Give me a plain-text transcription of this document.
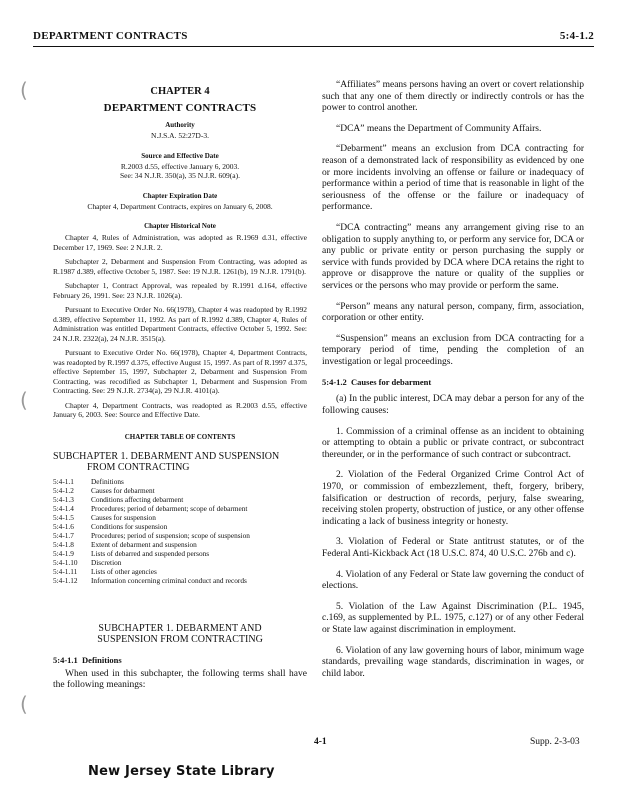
DEPARTMENT CONTRACTS	5:4-1.2
(
(
(
CHAPTER 4
DEPARTMENT CONTRACTS
Authority
N.J.S.A. 52:27D-3.
Source and Effective Date
R.2003 d.55, effective January 6, 2003.
See: 34 N.J.R. 350(a), 35 N.J.R. 609(a).
Chapter Expiration Date
Chapter 4, Department Contracts, expires on January 6, 2008.
Chapter Historical Note

Chapter 4, Rules of Administration, was adopted as R.1969 d.31, effective December 17, 1969. See: 2 N.J.R. 2.

Subchapter 2, Debarment and Suspension From Contracting, was adopted as R.1987 d.389, effective October 5, 1987. See: 19 N.J.R. 1261(b), 19 N.J.R. 1791(b).

Subchapter 1, Contract Approval, was repealed by R.1991 d.164, effective February 26, 1991. See: 23 N.J.R. 1026(a).

Pursuant to Executive Order No. 66(1978), Chapter 4 was readopted by R.1992 d.389, effective September 11, 1992. As part of R.1992 d.389, Chapter 4, Rules of Administration was entitled Department Contracts, effective October 5, 1992. See: 24 N.J.R. 2322(a), 24 N.J.R. 3515(a).

Pursuant to Executive Order No. 66(1978), Chapter 4, Department Contracts, was readopted by R.1997 d.375, effective August 15, 1997. As part of R.1997 d.375, effective September 15, 1997, Subchapter 2, Debarment and Suspension From Contracting, was recodified as Subchapter 1, Debarment and Suspension From Contracting. See: 29 N.J.R. 2734(a), 29 N.J.R. 4101(a).

Chapter 4, Department Contracts, was readopted as R.2003 d.55, effective January 6, 2003. See: Source and Effective Date.

CHAPTER TABLE OF CONTENTS
SUBCHAPTER 1. DEBARMENT AND SUSPENSION
FROM CONTRACTING
5:4-1.1	Definitions
5:4-1.2	Causes for debarment
5:4-1.3	Conditions affecting debarment
5:4-1.4	Procedures; period of debarment; scope of debarment
5:4-1.5	Causes for suspension
5:4-1.6	Conditions for suspension
5:4-1.7	Procedures; period of suspension; scope of suspension
5:4-1.8	Extent of debarment and suspension
5:4-1.9	Lists of debarred and suspended persons
5:4-1.10	Discretion
5:4-1.11	Lists of other agencies
5:4-1.12	Information concerning criminal conduct and records
SUBCHAPTER 1. DEBARMENT AND
SUSPENSION FROM CONTRACTING
5:4-1.1 Definitions

When used in this subchapter, the following terms shall have the following meanings:

“Affiliates” means persons having an overt or covert relationship such that any one of them directly or indirectly controls or has the power to control another.

“DCA” means the Department of Community Affairs.

“Debarment” means an exclusion from DCA contracting for reason of a demonstrated lack of responsibility as evidenced by one or more incidents involving an offense or failure or inadequacy of performance within a period of time that is reasonable in light of the seriousness of the offense or the failure or inadequacy of performance.

“DCA contracting” means any arrangement giving rise to an obligation to supply anything to, or perform any service for, DCA or any public or private entity or person purchasing the supply or service with funds provided by DCA where DCA retains the right to approve or disapprove the nature or quality of the supplies or services or the persons who may provide or perform the same.

“Person” means any natural person, company, firm, association, corporation or other entity.

“Suspension” means an exclusion from DCA contracting for a temporary period of time, pending the completion of an investigation or legal proceedings.

5:4-1.2 Causes for debarment

(a) In the public interest, DCA may debar a person for any of the following causes:

1. Commission of a criminal offense as an incident to obtaining or attempting to obtain a public or private contract, or subcontract thereunder, or in the performance of such contract or subcontract.

2. Violation of the Federal Organized Crime Control Act of 1970, or commission of embezzlement, theft, forgery, bribery, falsification or destruction of records, perjury, false swearing, receiving stolen property, obstruction of justice, or any other offense indicating a lack of business integrity or honesty.

3. Violation of Federal or State antitrust statutes, or of the Federal Anti-Kickback Act (18 U.S.C. 874, 40 U.S.C. 276b and c).

4. Violation of any Federal or State law governing the conduct of elections.

5. Violation of the Law Against Discrimination (P.L. 1945, c.169, as supplemented by P.L. 1975, c.127) or of any other Federal or State law against discrimination in employment.

6. Violation of any law governing hours of labor, minimum wage standards, prevailing wage standards, discrimination in wages, or child labor.

4-1	Supp. 2-3-03
New Jersey State Library
